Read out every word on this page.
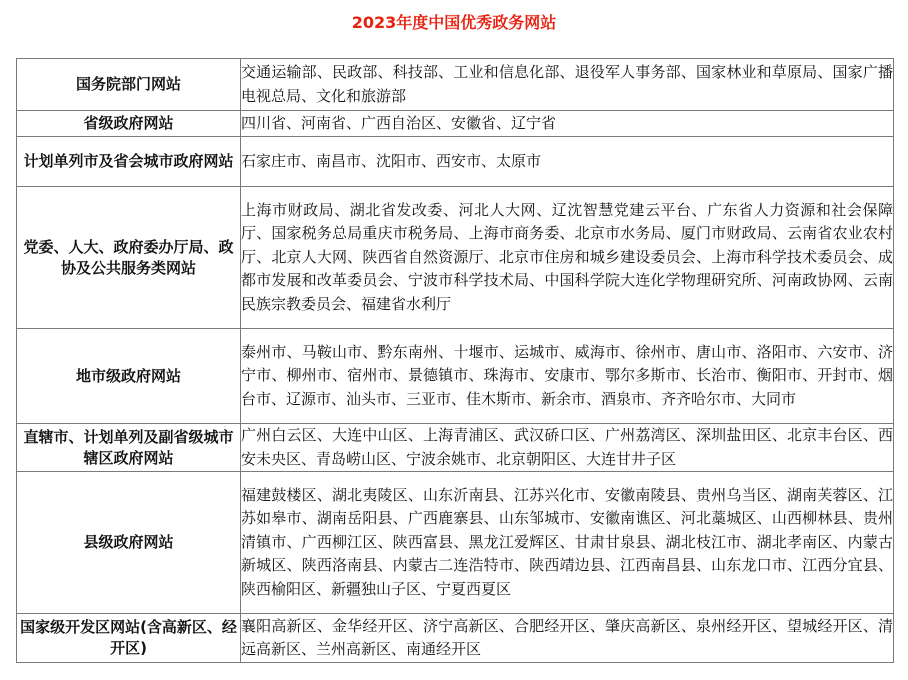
2023年度中国优秀政务网站
国务院部门网站	交通运输部、民政部、科技部、工业和信息化部、退役军人事务部、国家林业和草原局、国家广播电视总局、文化和旅游部
省级政府网站	四川省、河南省、广西自治区、安徽省、辽宁省
计划单列市及省会城市政府网站	石家庄市、南昌市、沈阳市、西安市、太原市
党委、人大、政府委办厅局、政协及公共服务类网站	上海市财政局、湖北省发改委、河北人大网、辽沈智慧党建云平台、广东省人力资源和社会保障厅、国家税务总局重庆市税务局、上海市商务委、北京市水务局、厦门市财政局、云南省农业农村厅、北京人大网、陕西省自然资源厅、北京市住房和城乡建设委员会、上海市科学技术委员会、成都市发展和改革委员会、宁波市科学技术局、中国科学院大连化学物理研究所、河南政协网、云南民族宗教委员会、福建省水利厅
地市级政府网站	泰州市、马鞍山市、黔东南州、十堰市、运城市、威海市、徐州市、唐山市、洛阳市、六安市、济宁市、柳州市、宿州市、景德镇市、珠海市、安康市、鄂尔多斯市、长治市、衡阳市、开封市、烟台市、辽源市、汕头市、三亚市、佳木斯市、新余市、酒泉市、齐齐哈尔市、大同市
直辖市、计划单列及副省级城市辖区政府网站	广州白云区、大连中山区、上海青浦区、武汉硚口区、广州荔湾区、深圳盐田区、北京丰台区、西安未央区、青岛崂山区、宁波余姚市、北京朝阳区、大连甘井子区
县级政府网站	福建鼓楼区、湖北夷陵区、山东沂南县、江苏兴化市、安徽南陵县、贵州乌当区、湖南芙蓉区、江苏如皋市、湖南岳阳县、广西鹿寨县、山东邹城市、安徽南谯区、河北藁城区、山西柳林县、贵州清镇市、广西柳江区、陕西富县、黑龙江爱辉区、甘肃甘泉县、湖北枝江市、湖北孝南区、内蒙古新城区、陕西洛南县、内蒙古二连浩特市、陕西靖边县、江西南昌县、山东龙口市、江西分宜县、陕西榆阳区、新疆独山子区、宁夏西夏区
国家级开发区网站(含高新区、经开区)	襄阳高新区、金华经开区、济宁高新区、合肥经开区、肇庆高新区、泉州经开区、望城经开区、清远高新区、兰州高新区、南通经开区
